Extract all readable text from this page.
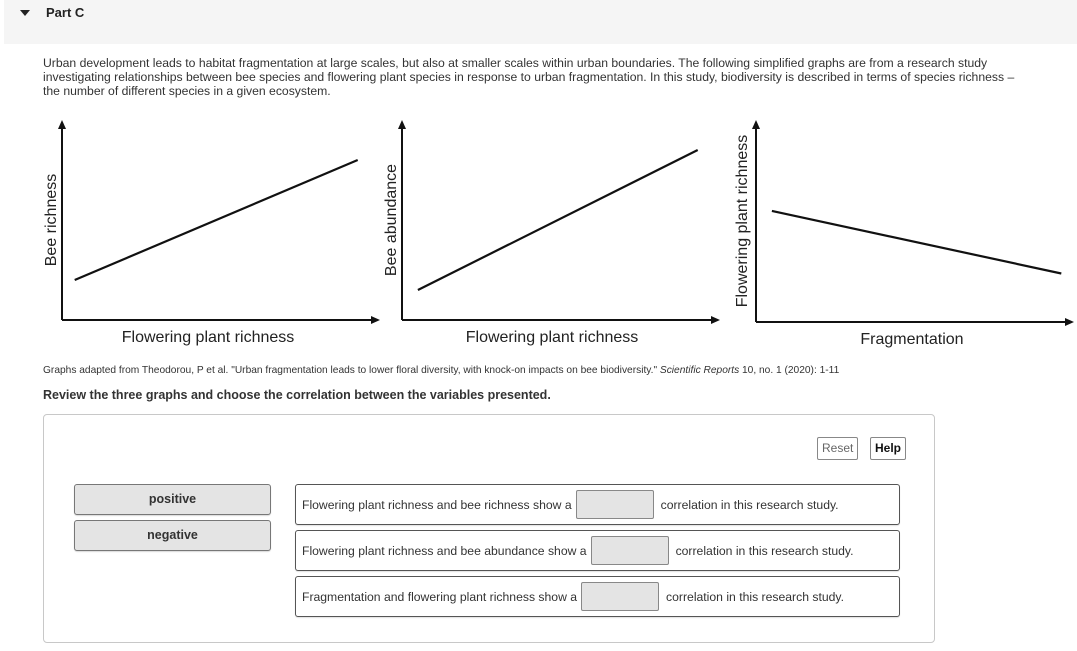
Part C
Urban development leads to habitat fragmentation at large scales, but also at smaller scales within urban boundaries. The following simplified graphs are from a research study
investigating relationships between bee species and flowering plant species in response to urban fragmentation. In this study, biodiversity is described in terms of species richness –
the number of different species in a given ecosystem.
Flowering plant richness
Bee richness
Flowering plant richness
Bee abundance
Fragmentation
Flowering plant richness
Graphs adapted from Theodorou, P et al. "Urban fragmentation leads to lower floral diversity, with knock-on impacts on bee biodiversity." Scientific Reports 10, no. 1 (2020): 1-11
Review the three graphs and choose the correlation between the variables presented.
Reset	Help
positive
negative
Flowering plant richness and bee richness show a	correlation in this research study.
Flowering plant richness and bee abundance show a	correlation in this research study.
Fragmentation and flowering plant richness show a	correlation in this research study.
